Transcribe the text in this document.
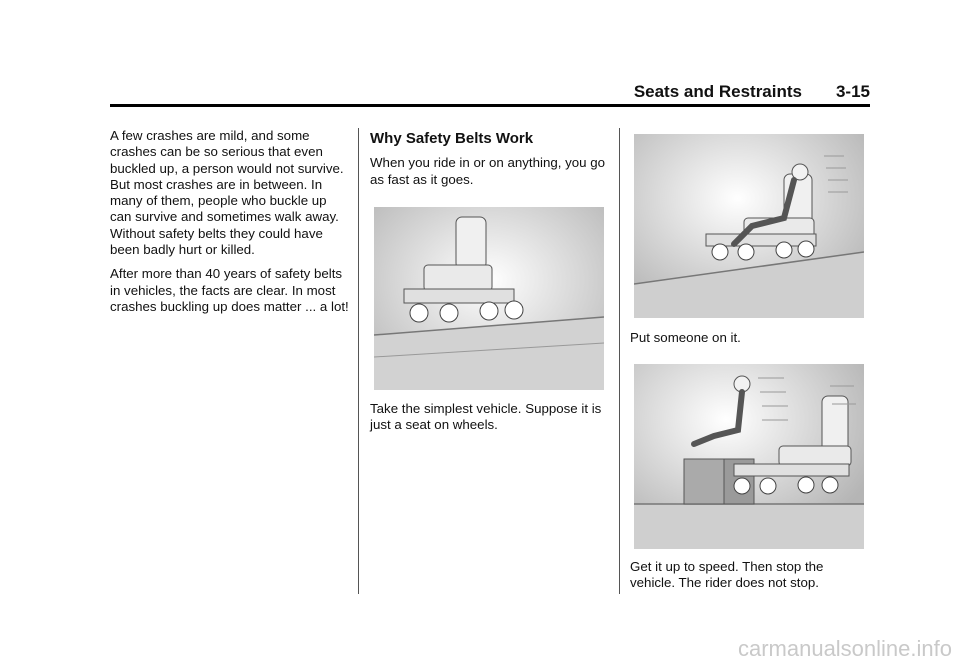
Seats and Restraints 3-15

A few crashes are mild, and some crashes can be so serious that even buckled up, a person would not survive. But most crashes are in between. In many of them, people who buckle up can survive and sometimes walk away. Without safety belts they could have been badly hurt or killed.

After more than 40 years of safety belts in vehicles, the facts are clear. In most crashes buckling up does matter ... a lot!

Why Safety Belts Work

When you ride in or on anything, you go as fast as it goes.

Take the simplest vehicle. Suppose it is just a seat on wheels.
Put someone on it.
Get it up to speed. Then stop the vehicle. The rider does not stop.
carmanualsonline.info
